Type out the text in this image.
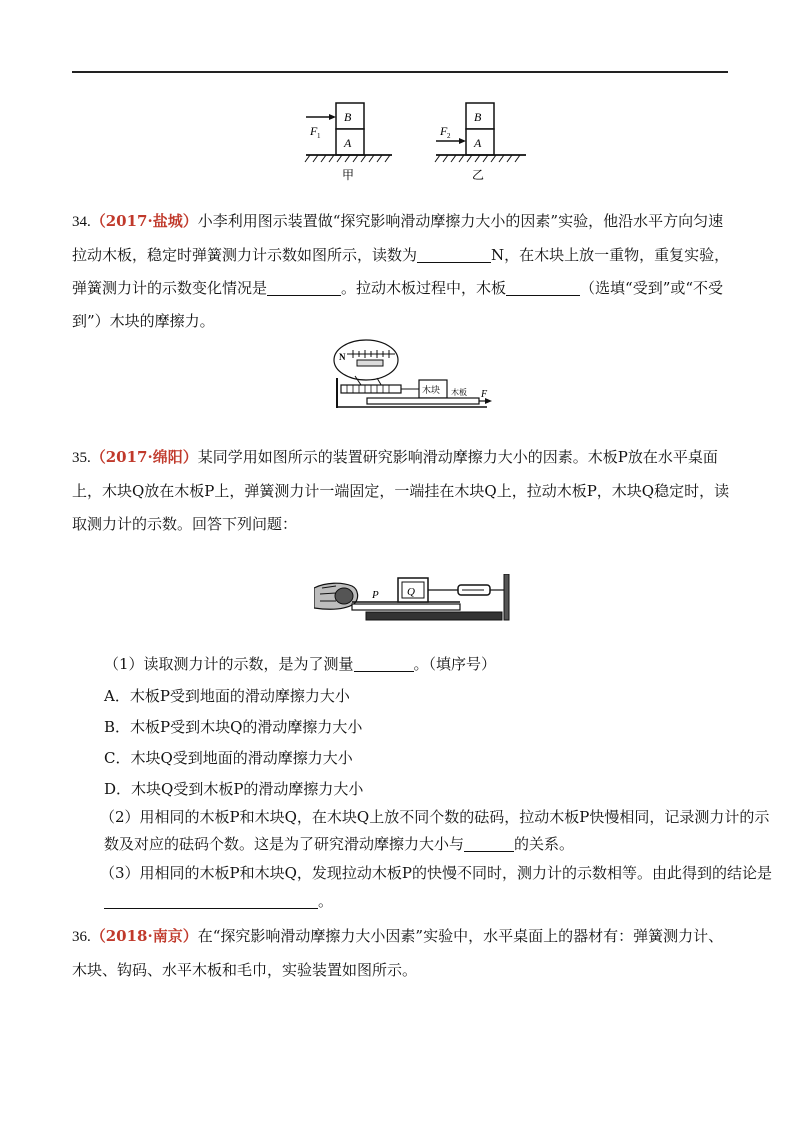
B
A
F 1
甲
B
A
F 2
乙
34.（2017·盐城）小李利用图示装置做“探究影响滑动摩擦力大小的因素”实验，他沿水平方向匀速拉动木板，稳定时弹簧测力计示数如图所示，读数为	N，在木块上放一重物，重复实验，弹簧测力计的示数变化情况是	。拉动木板过程中，木板	（选填“受到”或“不受到”）木块的摩擦力。
N
木块 木板 F
35.（2017·绵阳）某同学用如图所示的装置研究影响滑动摩擦力大小的因素。木板P放在水平桌面上，木块Q放在木板P上，弹簧测力计一端固定，一端挂在木块Q上，拉动木板P，木块Q稳定时，读取测力计的示数。回答下列问题：
P	Q
（1）读取测力计的示数，是为了测量	。（填序号）
A．木板P受到地面的滑动摩擦力大小
B．木板P受到木块Q的滑动摩擦力大小
C．木块Q受到地面的滑动摩擦力大小
D．木块Q受到木板P的滑动摩擦力大小
（2）用相同的木板P和木块Q，在木块Q上放不同个数的砝码，拉动木板P快慢相同，记录测力计的示
数及对应的砝码个数。这是为了研究滑动摩擦力大小与	的关系。
（3）用相同的木板P和木块Q，发现拉动木板P的快慢不同时，测力计的示数相等。由此得到的结论是
。
36.（2018·南京）在“探究影响滑动摩擦力大小因素”实验中，水平桌面上的器材有：弹簧测力计、木块、钩码、水平木板和毛巾，实验装置如图所示。
